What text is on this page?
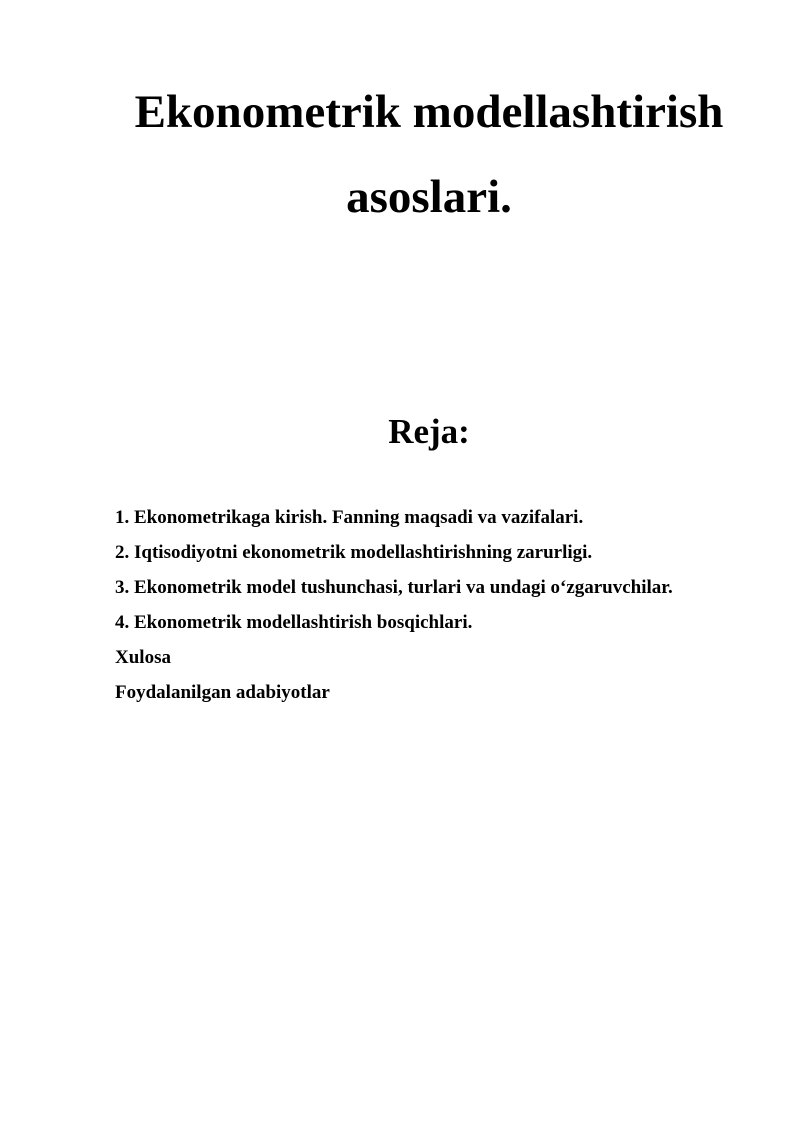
Ekonometrik modellashtirish asoslari.
Reja:
1. Ekonometrikaga kirish. Fanning maqsadi va vazifalari.
2. Iqtisodiyotni ekonometrik modellashtirishning zarurligi.
3. Ekonometrik model tushunchasi, turlari va undagi o‘zgaruvchilar.
4. Ekonometrik modellashtirish bosqichlari.
Xulosa
Foydalanilgan adabiyotlar
